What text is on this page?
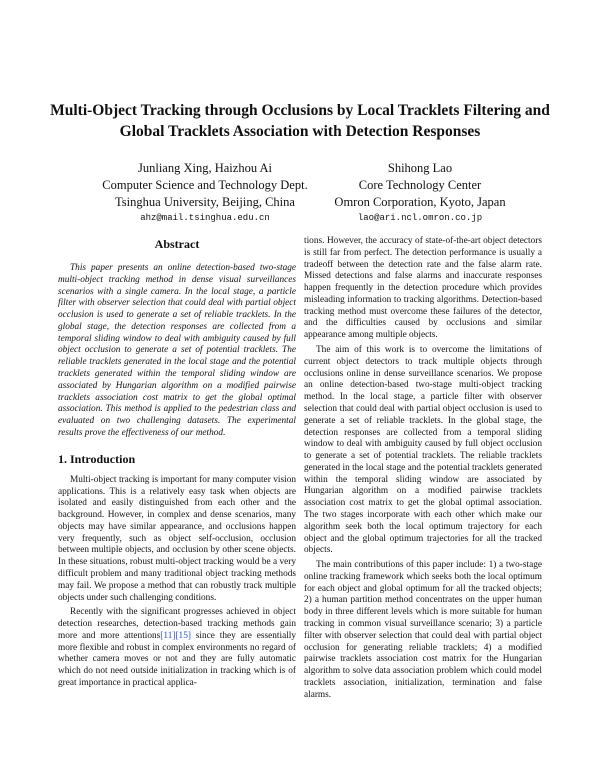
Multi-Object Tracking through Occlusions by Local Tracklets Filtering and
Global Tracklets Association with Detection Responses
Junliang Xing, Haizhou Ai
Computer Science and Technology Dept.
Tsinghua University, Beijing, China
ahz@mail.tsinghua.edu.cn
Shihong Lao
Core Technology Center
Omron Corporation, Kyoto, Japan
lao@ari.ncl.omron.co.jp
Abstract

This paper presents an online detection-based two-stage multi-object tracking method in dense visual surveillances scenarios with a single camera. In the local stage, a particle filter with observer selection that could deal with partial object occlusion is used to generate a set of reliable tracklets. In the global stage, the detection responses are collected from a temporal sliding window to deal with ambiguity caused by full object occlusion to generate a set of potential tracklets. The reliable tracklets generated in the local stage and the potential tracklets generated within the temporal sliding window are associated by Hungarian algorithm on a modified pairwise tracklets association cost matrix to get the global optimal association. This method is applied to the pedestrian class and evaluated on two challenging datasets. The experimental results prove the effectiveness of our method.

1. Introduction

Multi-object tracking is important for many computer vision applications. This is a relatively easy task when objects are isolated and easily distinguished from each other and the background. However, in complex and dense scenarios, many objects may have similar appearance, and occlusions happen very frequently, such as object self-occlusion, occlusion between multiple objects, and occlusion by other scene objects. In these situations, robust multi-object tracking would be a very difficult problem and many traditional object tracking methods may fail. We propose a method that can robustly track multiple objects under such challenging conditions.

Recently with the significant progresses achieved in object detection researches, detection-based tracking methods gain more and more attentions[11][15] since they are essentially more flexible and robust in complex environments no regard of whether camera moves or not and they are fully automatic which do not need outside initialization in tracking which is of great importance in practical applica-

tions. However, the accuracy of state-of-the-art object detectors is still far from perfect. The detection performance is usually a tradeoff between the detection rate and the false alarm rate. Missed detections and false alarms and inaccurate responses happen frequently in the detection procedure which provides misleading information to tracking algorithms. Detection-based tracking method must overcome these failures of the detector, and the difficulties caused by occlusions and similar appearance among multiple objects.

The aim of this work is to overcome the limitations of current object detectors to track multiple objects through occlusions online in dense surveillance scenarios. We propose an online detection-based two-stage multi-object tracking method. In the local stage, a particle filter with observer selection that could deal with partial object occlusion is used to generate a set of reliable tracklets. In the global stage, the detection responses are collected from a temporal sliding window to deal with ambiguity caused by full object occlusion to generate a set of potential tracklets. The reliable tracklets generated in the local stage and the potential tracklets generated within the temporal sliding window are associated by Hungarian algorithm on a modified pairwise tracklets association cost matrix to get the global optimal association. The two stages incorporate with each other which make our algorithm seek both the local optimum trajectory for each object and the global optimum trajectories for all the tracked objects.

The main contributions of this paper include: 1) a two-stage online tracking framework which seeks both the local optimum for each object and global optimum for all the tracked objects; 2) a human partition method concentrates on the upper human body in three different levels which is more suitable for human tracking in common visual surveillance scenario; 3) a particle filter with observer selection that could deal with partial object occlusion for generating reliable tracklets; 4) a modified pairwise tracklets association cost matrix for the Hungarian algorithm to solve data association problem which could model tracklets association, initialization, termination and false alarms.
